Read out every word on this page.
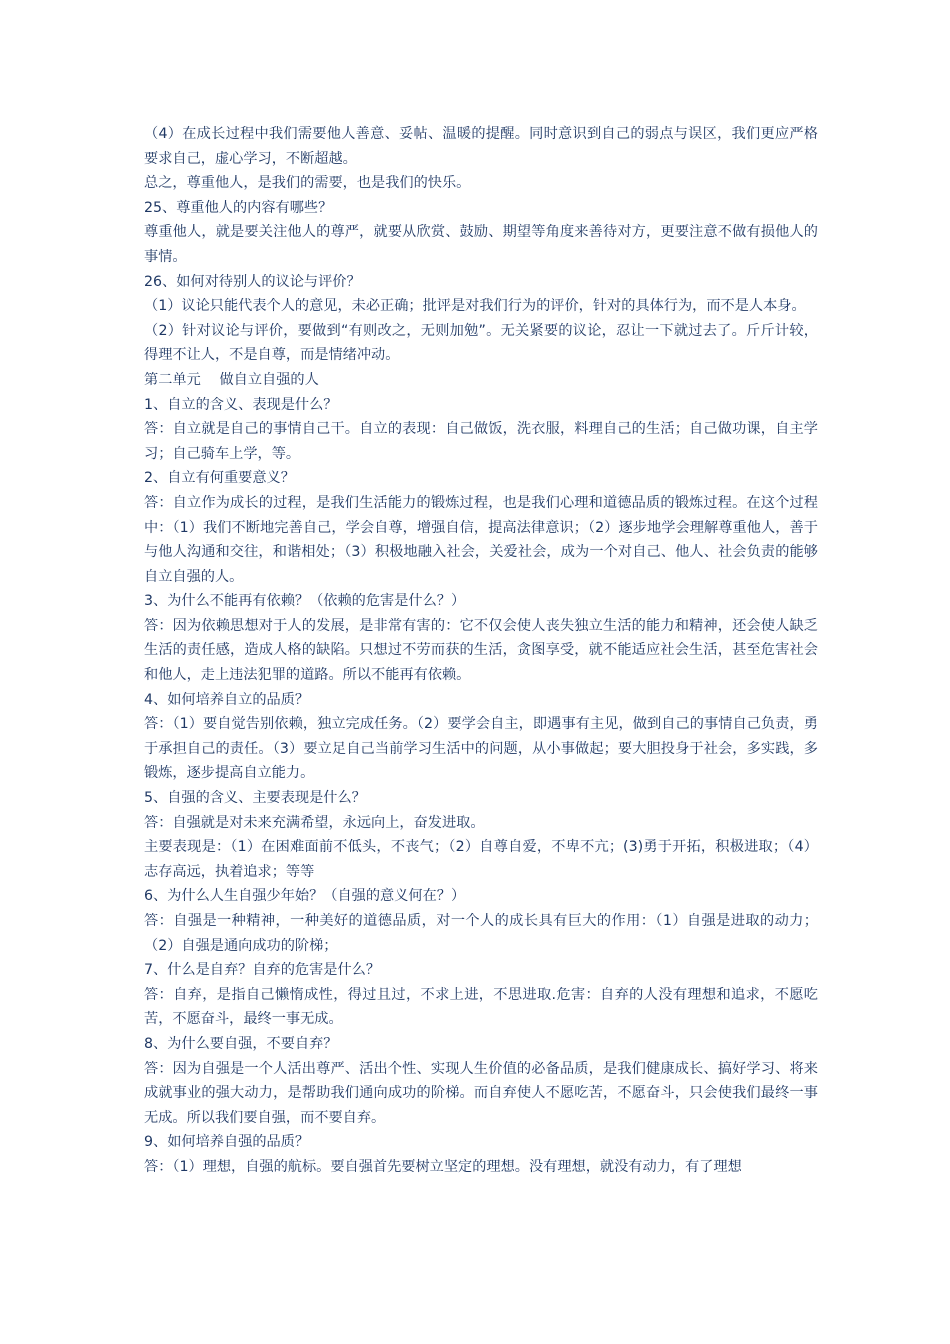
（4）在成长过程中我们需要他人善意、妥帖、温暖的提醒。同时意识到自己的弱点与误区，我们更应严格要求自己，虚心学习，不断超越。

总之，尊重他人，是我们的需要，也是我们的快乐。

25、尊重他人的内容有哪些？

尊重他人，就是要关注他人的尊严，就要从欣赏、鼓励、期望等角度来善待对方，更要注意不做有损他人的事情。

26、如何对待别人的议论与评价？

（1）议论只能代表个人的意见，未必正确；批评是对我们行为的评价，针对的具体行为，而不是人本身。

（2）针对议论与评价，要做到“有则改之，无则加勉”。无关紧要的议论，忍让一下就过去了。斤斤计较，得理不让人，不是自尊，而是情绪冲动。

第二单元　 做自立自强的人

1、自立的含义、表现是什么？

答：自立就是自己的事情自己干。自立的表现：自己做饭，洗衣服，料理自己的生活；自己做功课，自主学习；自己骑车上学，等。

2、自立有何重要意义？

答：自立作为成长的过程，是我们生活能力的锻炼过程，也是我们心理和道德品质的锻炼过程。在这个过程中：（1）我们不断地完善自己，学会自尊，增强自信，提高法律意识；（2）逐步地学会理解尊重他人，善于与他人沟通和交往，和谐相处；（3）积极地融入社会，关爱社会，成为一个对自己、他人、社会负责的能够自立自强的人。

3、为什么不能再有依赖？（依赖的危害是什么？）

答：因为依赖思想对于人的发展，是非常有害的：它不仅会使人丧失独立生活的能力和精神，还会使人缺乏生活的责任感，造成人格的缺陷。只想过不劳而获的生活，贪图享受，就不能适应社会生活，甚至危害社会和他人，走上违法犯罪的道路。所以不能再有依赖。

4、如何培养自立的品质？

答：（1）要自觉告别依赖，独立完成任务。（2）要学会自主，即遇事有主见，做到自己的事情自己负责，勇于承担自己的责任。（3）要立足自己当前学习生活中的问题，从小事做起；要大胆投身于社会，多实践，多锻炼，逐步提高自立能力。

5、自强的含义、主要表现是什么？

答：自强就是对未来充满希望，永远向上，奋发进取。

主要表现是：（1）在困难面前不低头，不丧气；（2）自尊自爱，不卑不亢；(3)勇于开拓，积极进取；（4）志存高远，执着追求；等等

6、为什么人生自强少年始？（自强的意义何在？）

答：自强是一种精神，一种美好的道德品质，对一个人的成长具有巨大的作用：（1）自强是进取的动力；（2）自强是通向成功的阶梯；

7、什么是自弃？自弃的危害是什么？

答：自弃，是指自己懒惰成性，得过且过，不求上进，不思进取.危害：自弃的人没有理想和追求，不愿吃苦，不愿奋斗，最终一事无成。

8、为什么要自强，不要自弃？

答：因为自强是一个人活出尊严、活出个性、实现人生价值的必备品质，是我们健康成长、搞好学习、将来成就事业的强大动力，是帮助我们通向成功的阶梯。而自弃使人不愿吃苦，不愿奋斗，只会使我们最终一事无成。所以我们要自强，而不要自弃。

9、如何培养自强的品质？

答：（1）理想，自强的航标。要自强首先要树立坚定的理想。没有理想，就没有动力，有了理想
